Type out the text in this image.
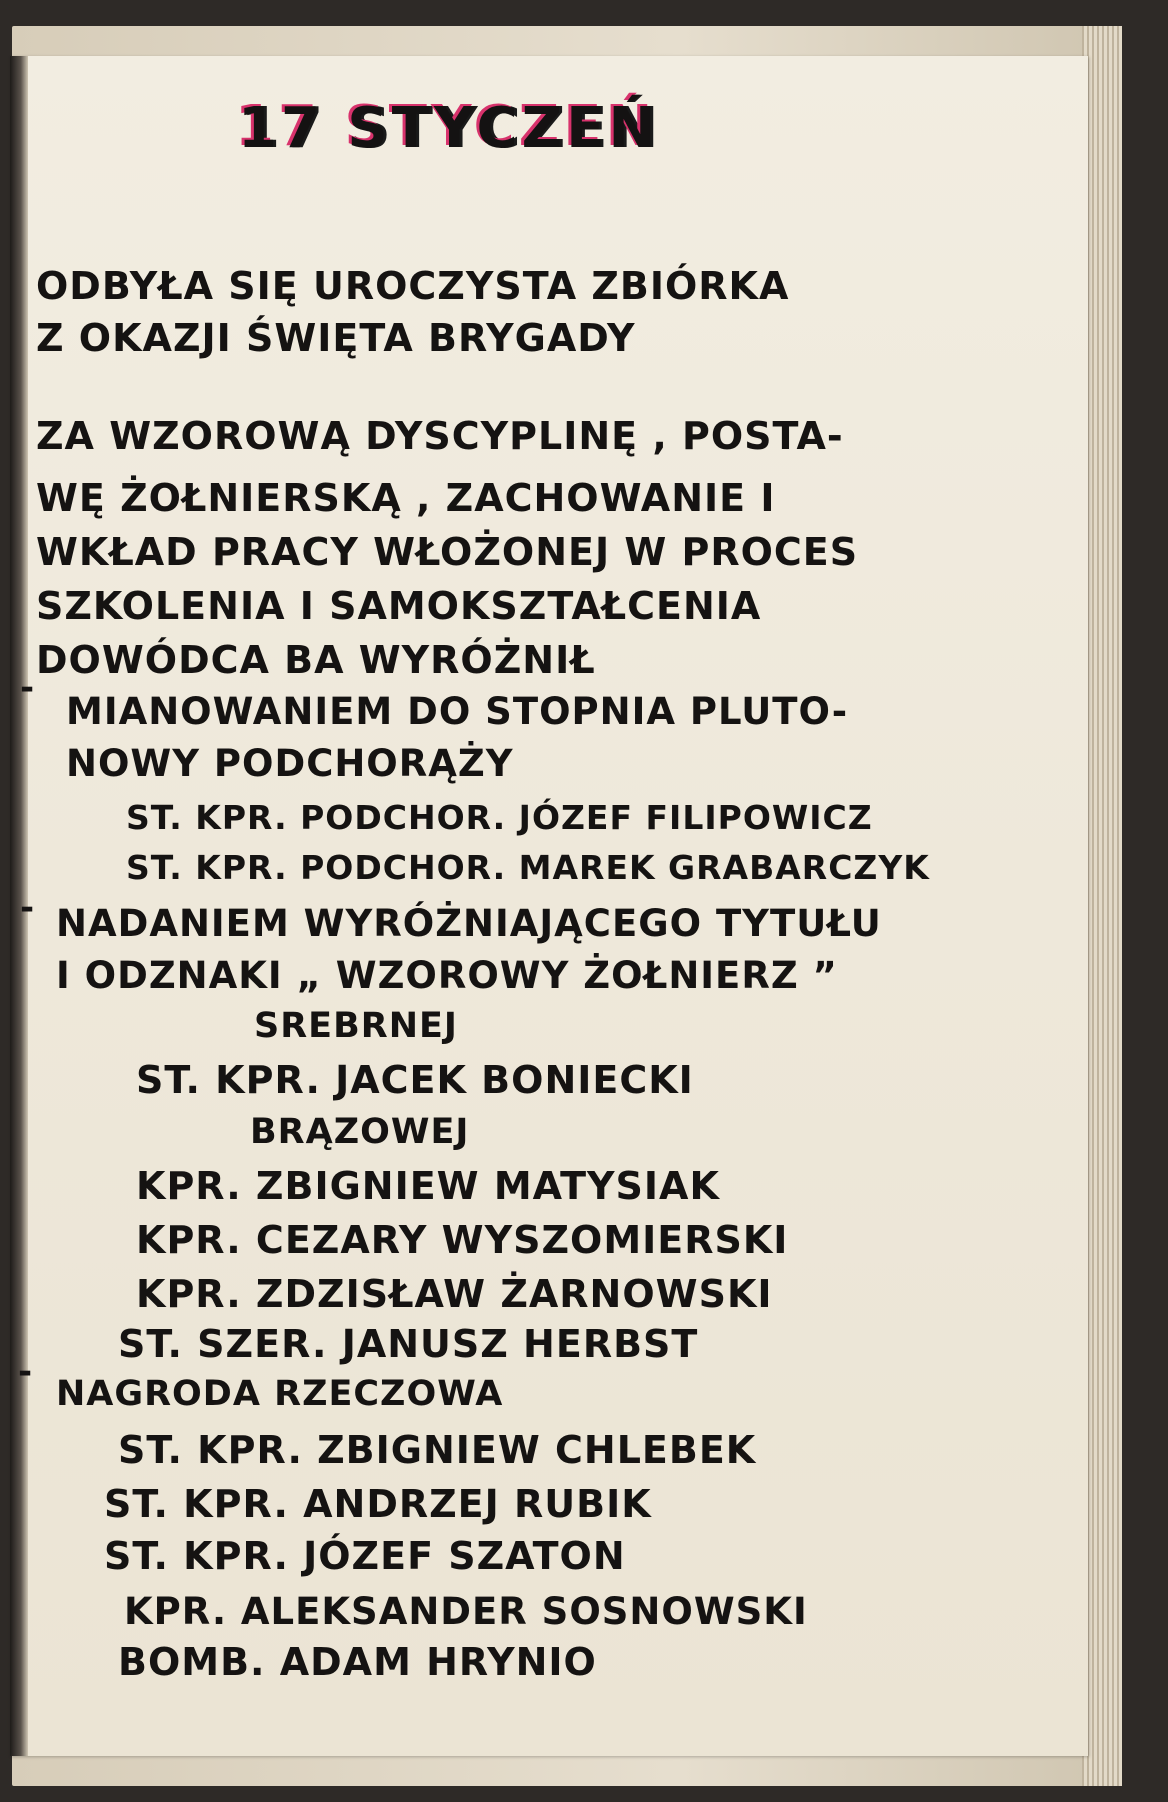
17 STYCZEŃ
-
-
-
ODBYŁA SIĘ UROCZYSTA ZBIÓRKA
Z OKAZJI ŚWIĘTA BRYGADY
ZA WZOROWĄ DYSCYPLINĘ , POSTA-
WĘ ŻOŁNIERSKĄ , ZACHOWANIE I
WKŁAD PRACY WŁOŻONEJ W PROCES
SZKOLENIA I SAMOKSZTAŁCENIA
DOWÓDCA BA WYRÓŻNIŁ
MIANOWANIEM DO STOPNIA PLUTO-
NOWY PODCHORĄŻY
ST. KPR. PODCHOR. JÓZEF FILIPOWICZ
ST. KPR. PODCHOR. MAREK GRABARCZYK
NADANIEM WYRÓŻNIAJĄCEGO TYTUŁU
I ODZNAKI „ WZOROWY ŻOŁNIERZ ”
SREBRNEJ
ST. KPR. JACEK BONIECKI
BRĄZOWEJ
KPR. ZBIGNIEW MATYSIAK
KPR. CEZARY WYSZOMIERSKI
KPR. ZDZISŁAW ŻARNOWSKI
ST. SZER. JANUSZ HERBST
NAGRODA RZECZOWA
ST. KPR. ZBIGNIEW CHLEBEK
ST. KPR. ANDRZEJ RUBIK
ST. KPR. JÓZEF SZATON
KPR. ALEKSANDER SOSNOWSKI
BOMB. ADAM HRYNIO
